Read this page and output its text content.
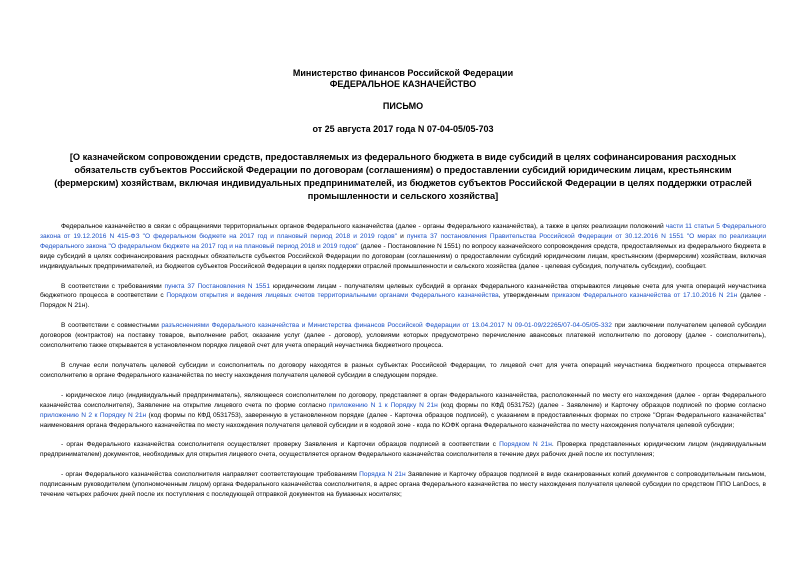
Министерство финансов Российской Федерации
ФЕДЕРАЛЬНОЕ КАЗНАЧЕЙСТВО
ПИСЬМО
от 25 августа 2017 года N 07-04-05/05-703
[О казначейском сопровождении средств, предоставляемых из федерального бюджета в виде субсидий в целях софинансирования расходных обязательств субъектов Российской Федерации по договорам (соглашениям) о предоставлении субсидий юридическим лицам, крестьянским (фермерским) хозяйствам, включая индивидуальных предпринимателей, из бюджетов субъектов Российской Федерации в целях поддержки отраслей промышленности и сельского хозяйства]

Федеральное казначейство в связи с обращениями территориальных органов Федерального казначейства (далее - органы Федерального казначейства), а также в целях реализации положений части 11 статьи 5 Федерального закона от 19.12.2016 N 415-ФЗ "О федеральном бюджете на 2017 год и плановый период 2018 и 2019 годов" и пункта 37 постановления Правительства Российской Федерации от 30.12.2016 N 1551 "О мерах по реализации Федерального закона "О федеральном бюджете на 2017 год и на плановый период 2018 и 2019 годов" (далее - Постановление N 1551) по вопросу казначейского сопровождения средств, предоставляемых из федерального бюджета в виде субсидий в целях софинансирования расходных обязательств субъектов Российской Федерации по договорам (соглашениям) о предоставлении субсидий юридическим лицам, крестьянским (фермерским) хозяйствам, включая индивидуальных предпринимателей, из бюджетов субъектов Российской Федерации в целях поддержки отраслей промышленности и сельского хозяйства (далее - целевая субсидия, получатель субсидии), сообщает.

В соответствии с требованиями пункта 37 Постановления N 1551 юридическим лицам - получателям целевых субсидий в органах Федерального казначейства открываются лицевые счета для учета операций неучастника бюджетного процесса в соответствии с Порядком открытия и ведения лицевых счетов территориальными органами Федерального казначейства, утвержденным приказом Федерального казначейства от 17.10.2016 N 21н (далее - Порядок N 21н).

В соответствии с совместными разъяснениями Федерального казначейства и Министерства финансов Российской Федерации от 13.04.2017 N 09-01-09/22265/07-04-05/05-332 при заключении получателем целевой субсидии договоров (контрактов) на поставку товаров, выполнение работ, оказание услуг (далее - договор), условиями которых предусмотрено перечисление авансовых платежей исполнителю по договору (далее - соисполнитель), соисполнителю также открывается в установленном порядке лицевой счет для учета операций неучастника бюджетного процесса.

В случае если получатель целевой субсидии и соисполнитель по договору находятся в разных субъектах Российской Федерации, то лицевой счет для учета операций неучастника бюджетного процесса открывается соисполнителю в органе Федерального казначейства по месту нахождения получателя целевой субсидии в следующем порядке.

- юридическое лицо (индивидуальный предприниматель), являющееся соисполнителем по договору, представляет в орган Федерального казначейства, расположенный по месту его нахождения (далее - орган Федерального казначейства соисполнителя), Заявление на открытие лицевого счета по форме согласно приложению N 1 к Порядку N 21н (код формы по КФД 0531752) (далее - Заявление) и Карточку образцов подписей по форме согласно приложению N 2 к Порядку N 21н (код формы по КФД 0531753), заверенную в установленном порядке (далее - Карточка образцов подписей), с указанием в предоставленных формах по строке "Орган Федерального казначейства" наименования органа Федерального казначейства по месту нахождения получателя целевой субсидии и в кодовой зоне - кода по КОФК органа Федерального казначейства по месту нахождения получателя целевой субсидии;

- орган Федерального казначейства соисполнителя осуществляет проверку Заявления и Карточки образцов подписей в соответствии с Порядком N 21н. Проверка представленных юридическим лицом (индивидуальным предпринимателем) документов, необходимых для открытия лицевого счета, осуществляется органом Федерального казначейства соисполнителя в течение двух рабочих дней после их поступления;

- орган Федерального казначейства соисполнителя направляет соответствующие требованиям Порядка N 21н Заявление и Карточку образцов подписей в виде сканированных копий документов с сопроводительным письмом, подписанным руководителем (уполномоченным лицом) органа Федерального казначейства соисполнителя, в адрес органа Федерального казначейства по месту нахождения получателя целевой субсидии по средством ППО LanDocs, в течение четырех рабочих дней после их поступления с последующей отправкой документов на бумажных носителях;
